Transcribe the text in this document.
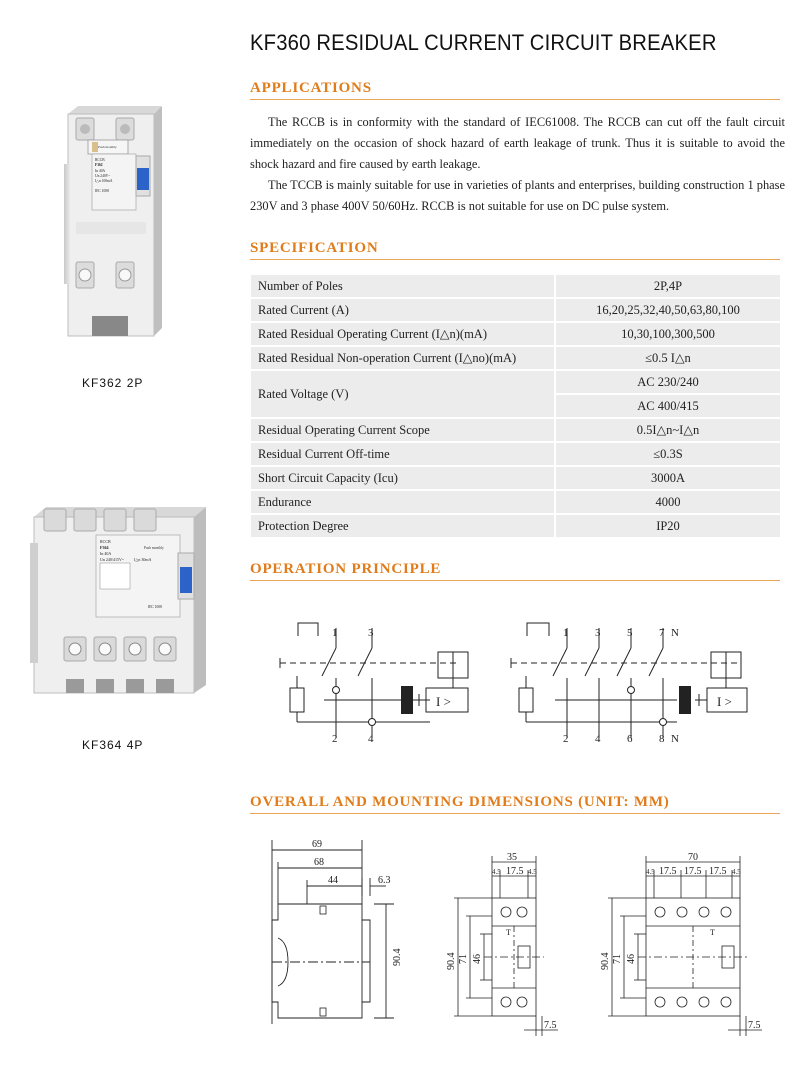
KF360 RESIDUAL CURRENT CIRCUIT BREAKER
Push monthly
RCCB
F362
In 40A
Un 240V~
I△n 100mA
IEC 1008
KF362 2P
RCCB
F364
In 40A
Un 240/415V~ I△n 30mA
Push monthly
IEC 1008
KF364 4P
APPLICATIONS
The RCCB is in conformity with the standard of IEC61008. The RCCB can cut off the fault circuit immediately on the occasion of shock hazard of earth leakage of trunk. Thus it is suitable to avoid the shock hazard and fire caused by earth leakage.
The TCCB is mainly suitable for use in varieties of plants and enterprises, building construction 1 phase 230V and 3 phase 400V 50/60Hz. RCCB is not suitable for use on DC pulse system.
SPECIFICATION
Number of Poles	2P,4P
Rated Current (A)	16,20,25,32,40,50,63,80,100
Rated Residual Operating Current (I△n)(mA)	10,30,100,300,500
Rated Residual Non-operation Current (I△no)(mA)	≤0.5 I△n
Rated Voltage (V)	AC 230/240
	AC 400/415
Residual Operating Current Scope	0.5I△n~I△n
Residual Current Off-time	≤0.3S
Short Circuit Capacity (Icu)	3000A
Endurance	4000
Protection Degree	IP20
OPERATION PRINCIPLE
I >
1	3
2	4
I >
1 3 5 7 N
2 4 6 8 N
OVERALL AND MOUNTING DIMENSIONS (UNIT: MM)
69
68
44	6.3
90.4
T
35
4.5 17.5 4.5
90.4 71 46
7.5
T
70
4.5 17.5 17.5 17.5 4.5
90.4 71 46
7.5
